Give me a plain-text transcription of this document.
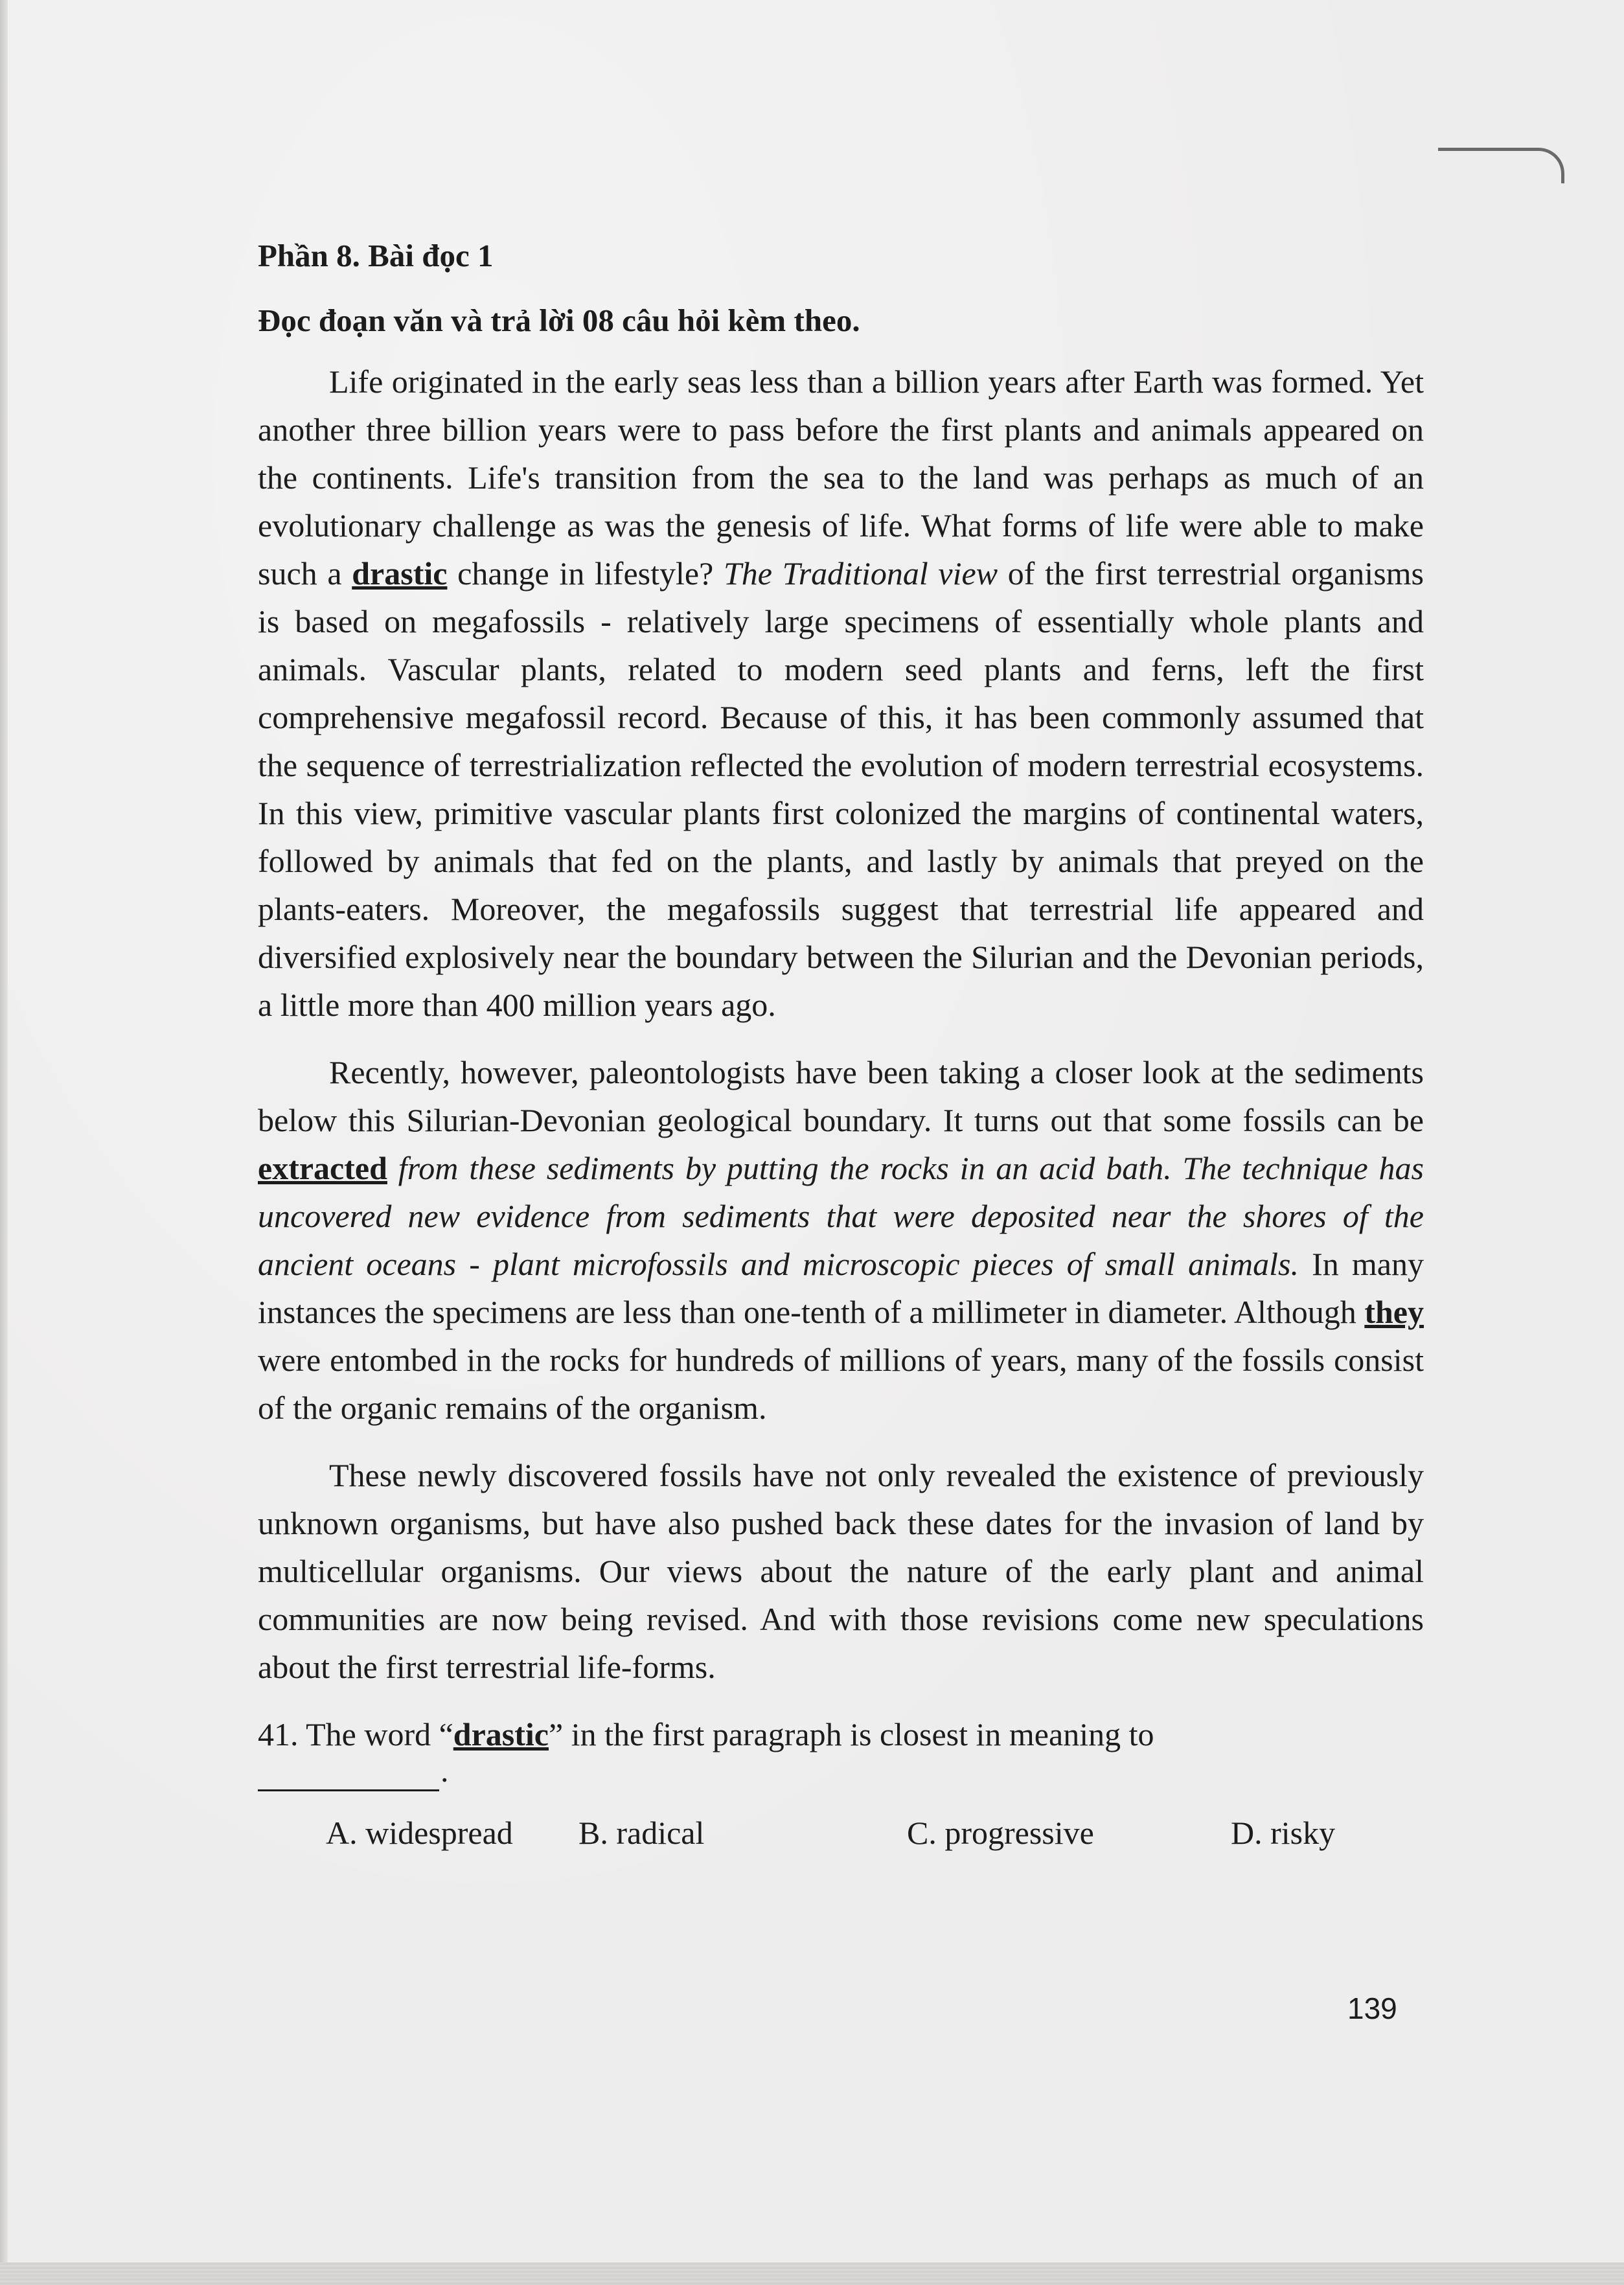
Phần 8. Bài đọc 1

Đọc đoạn văn và trả lời 08 câu hỏi kèm theo.

Life originated in the early seas less than a billion years after Earth was formed. Yet another three billion years were to pass before the first plants and animals appeared on the continents. Life's transition from the sea to the land was perhaps as much of an evolutionary challenge as was the genesis of life. What forms of life were able to make such a drastic change in lifestyle? The Traditional view of the first terrestrial organisms is based on megafossils - relatively large specimens of essentially whole plants and animals. Vascular plants, related to modern seed plants and ferns, left the first comprehensive megafossil record. Because of this, it has been commonly assumed that the sequence of terrestrialization reflected the evolution of modern terrestrial ecosystems. In this view, primitive vascular plants first colonized the margins of continental waters, followed by animals that fed on the plants, and lastly by animals that preyed on the plants-eaters. Moreover, the megafossils suggest that terrestrial life appeared and diversified explosively near the boundary between the Silurian and the Devonian periods, a little more than 400 million years ago.

Recently, however, paleontologists have been taking a closer look at the sediments below this Silurian-Devonian geological boundary. It turns out that some fossils can be extracted from these sediments by putting the rocks in an acid bath. The technique has uncovered new evidence from sediments that were deposited near the shores of the ancient oceans - plant microfossils and microscopic pieces of small animals. In many instances the specimens are less than one-tenth of a millimeter in diameter. Although they were entombed in the rocks for hundreds of millions of years, many of the fossils consist of the organic remains of the organism.

These newly discovered fossils have not only revealed the existence of previously unknown organisms, but have also pushed back these dates for the invasion of land by multicellular organisms. Our views about the nature of the early plant and animal communities are now being revised. And with those revisions come new speculations about the first terrestrial life-forms.

41. The word “drastic” in the first paragraph is closest in meaning to

.
A. widespread B. radical	C. progressive	D. risky
139
